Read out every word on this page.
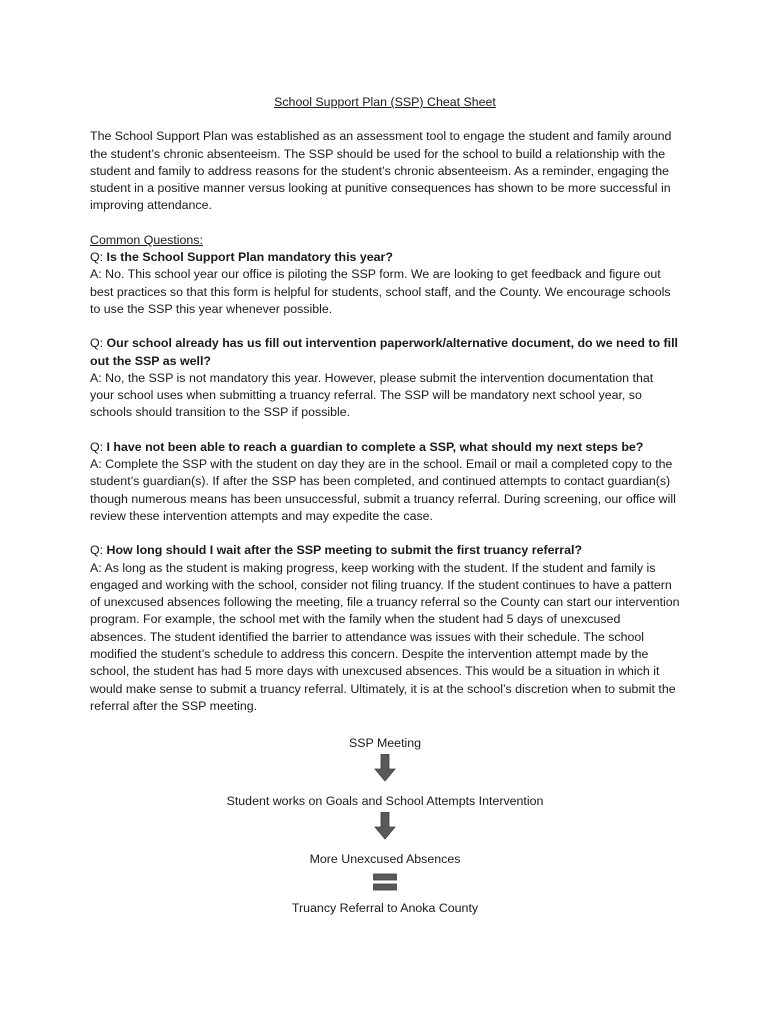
School Support Plan (SSP) Cheat Sheet

The School Support Plan was established as an assessment tool to engage the student and family around the student’s chronic absenteeism. The SSP should be used for the school to build a relationship with the student and family to address reasons for the student’s chronic absenteeism. As a reminder, engaging the student in a positive manner versus looking at punitive consequences has shown to be more successful in improving attendance.

Common Questions:

Q: Is the School Support Plan mandatory this year?

A: No. This school year our office is piloting the SSP form. We are looking to get feedback and figure out best practices so that this form is helpful for students, school staff, and the County. We encourage schools to use the SSP this year whenever possible.

Q: Our school already has us fill out intervention paperwork/alternative document, do we need to fill out the SSP as well?

A: No, the SSP is not mandatory this year. However, please submit the intervention documentation that your school uses when submitting a truancy referral. The SSP will be mandatory next school year, so schools should transition to the SSP if possible.

Q: I have not been able to reach a guardian to complete a SSP, what should my next steps be?

A: Complete the SSP with the student on day they are in the school. Email or mail a completed copy to the student’s guardian(s). If after the SSP has been completed, and continued attempts to contact guardian(s) though numerous means has been unsuccessful, submit a truancy referral. During screening, our office will review these intervention attempts and may expedite the case.

Q: How long should I wait after the SSP meeting to submit the first truancy referral?

A: As long as the student is making progress, keep working with the student. If the student and family is engaged and working with the school, consider not filing truancy. If the student continues to have a pattern of unexcused absences following the meeting, file a truancy referral so the County can start our intervention program. For example, the school met with the family when the student had 5 days of unexcused absences. The student identified the barrier to attendance was issues with their schedule. The school modified the student’s schedule to address this concern. Despite the intervention attempt made by the school, the student has had 5 more days with unexcused absences. This would be a situation in which it would make sense to submit a truancy referral. Ultimately, it is at the school’s discretion when to submit the referral after the SSP meeting.

SSP Meeting
Student works on Goals and School Attempts Intervention
More Unexcused Absences
Truancy Referral to Anoka County
